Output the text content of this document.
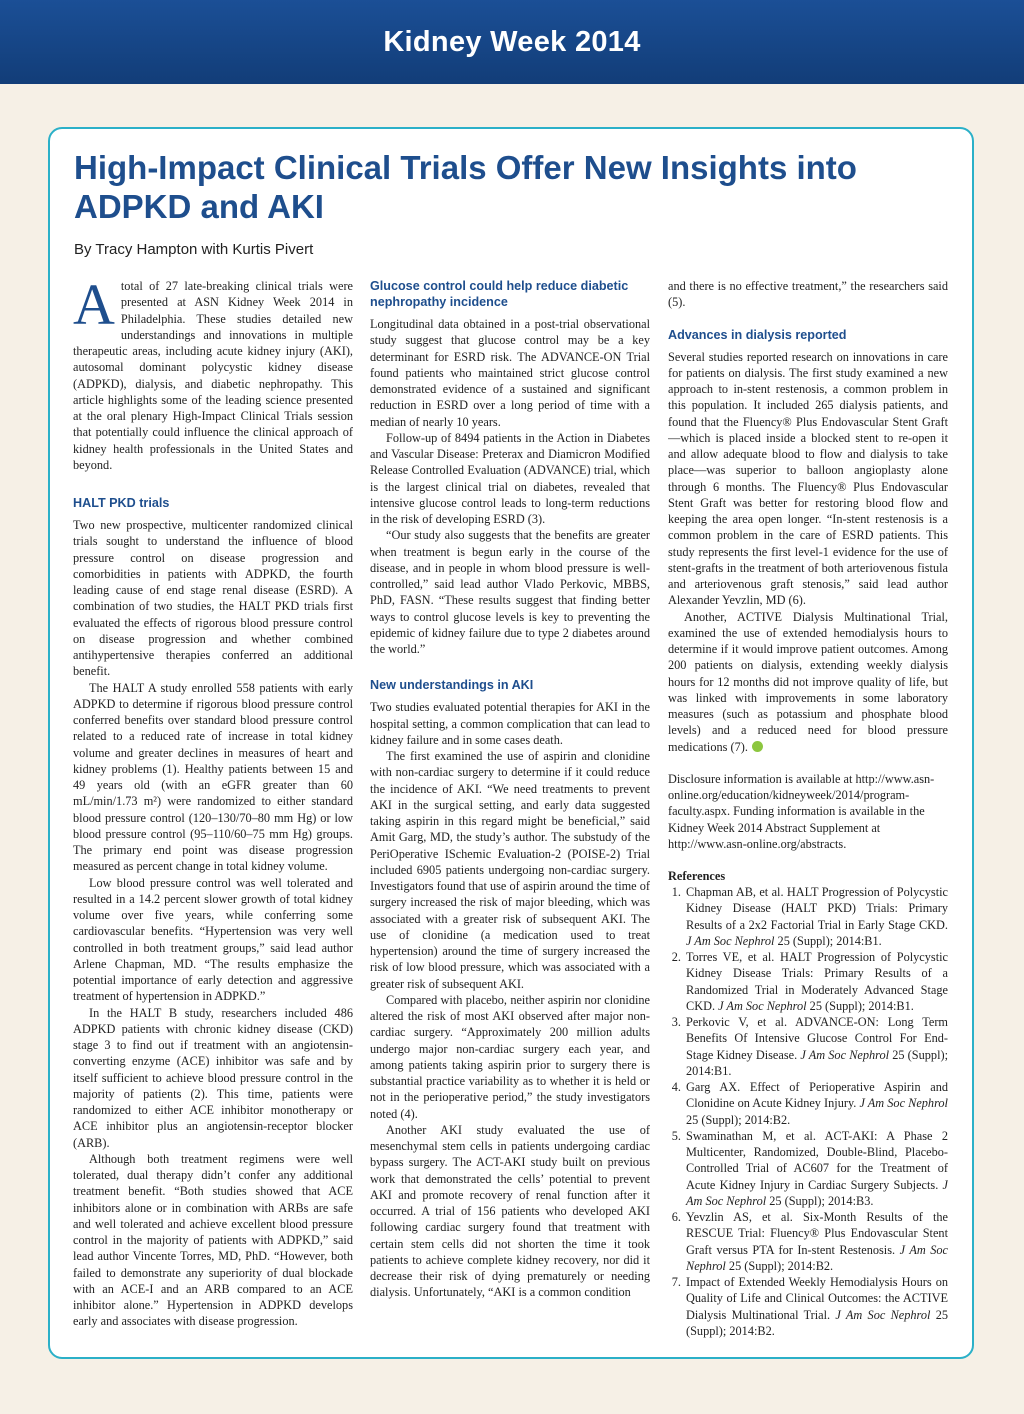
Kidney Week 2014
High-Impact Clinical Trials Offer New Insights into ADPKD and AKI
By Tracy Hampton with Kurtis Pivert

A total of 27 late-breaking clinical trials were presented at ASN Kidney Week 2014 in Philadelphia. These studies detailed new understandings and innovations in multiple therapeutic areas, including acute kidney injury (AKI), autosomal dominant polycystic kidney disease (ADPKD), dialysis, and diabetic nephropathy. This article highlights some of the leading science presented at the oral plenary High-Impact Clinical Trials session that potentially could influence the clinical approach of kidney health professionals in the United States and beyond.

HALT PKD trials

Two new prospective, multicenter randomized clinical trials sought to understand the influence of blood pressure control on disease progression and comorbidities in patients with ADPKD, the fourth leading cause of end stage renal disease (ESRD). A combination of two studies, the HALT PKD trials first evaluated the effects of rigorous blood pressure control on disease progression and whether combined antihypertensive therapies conferred an additional benefit.

The HALT A study enrolled 558 patients with early ADPKD to determine if rigorous blood pressure control conferred benefits over standard blood pressure control related to a reduced rate of increase in total kidney volume and greater declines in measures of heart and kidney problems (1). Healthy patients between 15 and 49 years old (with an eGFR greater than 60 mL/min/1.73 m²) were randomized to either standard blood pressure control (120–130/70–80 mm Hg) or low blood pressure control (95–110/60–75 mm Hg) groups. The primary end point was disease progression measured as percent change in total kidney volume.

Low blood pressure control was well tolerated and resulted in a 14.2 percent slower growth of total kidney volume over five years, while conferring some cardiovascular benefits. “Hypertension was very well controlled in both treatment groups,” said lead author Arlene Chapman, MD. “The results emphasize the potential importance of early detection and aggressive treatment of hypertension in ADPKD.”

In the HALT B study, researchers included 486 ADPKD patients with chronic kidney disease (CKD) stage 3 to find out if treatment with an angiotensin-converting enzyme (ACE) inhibitor was safe and by itself sufficient to achieve blood pressure control in the majority of patients (2). This time, patients were randomized to either ACE inhibitor monotherapy or ACE inhibitor plus an angiotensin-receptor blocker (ARB).

Although both treatment regimens were well tolerated, dual therapy didn’t confer any additional treatment benefit. “Both studies showed that ACE inhibitors alone or in combination with ARBs are safe and well tolerated and achieve excellent blood pressure control in the majority of patients with ADPKD,” said lead author Vincente Torres, MD, PhD. “However, both failed to demonstrate any superiority of dual blockade with an ACE-I and an ARB compared to an ACE inhibitor alone.” Hypertension in ADPKD develops early and associates with disease progression.

Glucose control could help reduce diabetic nephropathy incidence

Longitudinal data obtained in a post-trial observational study suggest that glucose control may be a key determinant for ESRD risk. The ADVANCE-ON Trial found patients who maintained strict glucose control demonstrated evidence of a sustained and significant reduction in ESRD over a long period of time with a median of nearly 10 years.

Follow-up of 8494 patients in the Action in Diabetes and Vascular Disease: Preterax and Diamicron Modified Release Controlled Evaluation (ADVANCE) trial, which is the largest clinical trial on diabetes, revealed that intensive glucose control leads to long-term reductions in the risk of developing ESRD (3).

“Our study also suggests that the benefits are greater when treatment is begun early in the course of the disease, and in people in whom blood pressure is well-controlled,” said lead author Vlado Perkovic, MBBS, PhD, FASN. “These results suggest that finding better ways to control glucose levels is key to preventing the epidemic of kidney failure due to type 2 diabetes around the world.”

New understandings in AKI

Two studies evaluated potential therapies for AKI in the hospital setting, a common complication that can lead to kidney failure and in some cases death.

The first examined the use of aspirin and clonidine with non-cardiac surgery to determine if it could reduce the incidence of AKI. “We need treatments to prevent AKI in the surgical setting, and early data suggested taking aspirin in this regard might be beneficial,” said Amit Garg, MD, the study’s author. The substudy of the PeriOperative ISchemic Evaluation-2 (POISE-2) Trial included 6905 patients undergoing non-cardiac surgery. Investigators found that use of aspirin around the time of surgery increased the risk of major bleeding, which was associated with a greater risk of subsequent AKI. The use of clonidine (a medication used to treat hypertension) around the time of surgery increased the risk of low blood pressure, which was associated with a greater risk of subsequent AKI.

Compared with placebo, neither aspirin nor clonidine altered the risk of most AKI observed after major non-cardiac surgery. “Approximately 200 million adults undergo major non-cardiac surgery each year, and among patients taking aspirin prior to surgery there is substantial practice variability as to whether it is held or not in the perioperative period,” the study investigators noted (4).

Another AKI study evaluated the use of mesenchymal stem cells in patients undergoing cardiac bypass surgery. The ACT-AKI study built on previous work that demonstrated the cells’ potential to prevent AKI and promote recovery of renal function after it occurred. A trial of 156 patients who developed AKI following cardiac surgery found that treatment with certain stem cells did not shorten the time it took patients to achieve complete kidney recovery, nor did it decrease their risk of dying prematurely or needing dialysis. Unfortunately, “AKI is a common condition

and there is no effective treatment,” the researchers said (5).

Advances in dialysis reported

Several studies reported research on innovations in care for patients on dialysis. The first study examined a new approach to in-stent restenosis, a common problem in this population. It included 265 dialysis patients, and found that the Fluency® Plus Endovascular Stent Graft—which is placed inside a blocked stent to re-open it and allow adequate blood to flow and dialysis to take place—was superior to balloon angioplasty alone through 6 months. The Fluency® Plus Endovascular Stent Graft was better for restoring blood flow and keeping the area open longer. “In-stent restenosis is a common problem in the care of ESRD patients. This study represents the first level-1 evidence for the use of stent-grafts in the treatment of both arteriovenous fistula and arteriovenous graft stenosis,” said lead author Alexander Yevzlin, MD (6).

Another, ACTIVE Dialysis Multinational Trial, examined the use of extended hemodialysis hours to determine if it would improve patient outcomes. Among 200 patients on dialysis, extending weekly dialysis hours for 12 months did not improve quality of life, but was linked with improvements in some laboratory measures (such as potassium and phosphate blood levels) and a reduced need for blood pressure medications (7).

Disclosure information is available at http://www.asn-online.org/education/kidneyweek/2014/program-faculty.aspx. Funding information is available in the Kidney Week 2014 Abstract Supplement at http://www.asn-online.org/abstracts.

References
1. Chapman AB, et al. HALT Progression of Polycystic Kidney Disease (HALT PKD) Trials: Primary Results of a 2x2 Factorial Trial in Early Stage CKD. J Am Soc Nephrol 25 (Suppl); 2014:B1.
2. Torres VE, et al. HALT Progression of Polycystic Kidney Disease Trials: Primary Results of a Randomized Trial in Moderately Advanced Stage CKD. J Am Soc Nephrol 25 (Suppl); 2014:B1.
3. Perkovic V, et al. ADVANCE-ON: Long Term Benefits Of Intensive Glucose Control For End-Stage Kidney Disease. J Am Soc Nephrol 25 (Suppl); 2014:B1.
4. Garg AX. Effect of Perioperative Aspirin and Clonidine on Acute Kidney Injury. J Am Soc Nephrol 25 (Suppl); 2014:B2.
5. Swaminathan M, et al. ACT-AKI: A Phase 2 Multicenter, Randomized, Double-Blind, Placebo-Controlled Trial of AC607 for the Treatment of Acute Kidney Injury in Cardiac Surgery Subjects. J Am Soc Nephrol 25 (Suppl); 2014:B3.
6. Yevzlin AS, et al. Six-Month Results of the RESCUE Trial: Fluency® Plus Endovascular Stent Graft versus PTA for In-stent Restenosis. J Am Soc Nephrol 25 (Suppl); 2014:B2.
7. Impact of Extended Weekly Hemodialysis Hours on Quality of Life and Clinical Outcomes: the ACTIVE Dialysis Multinational Trial. J Am Soc Nephrol 25 (Suppl); 2014:B2.
